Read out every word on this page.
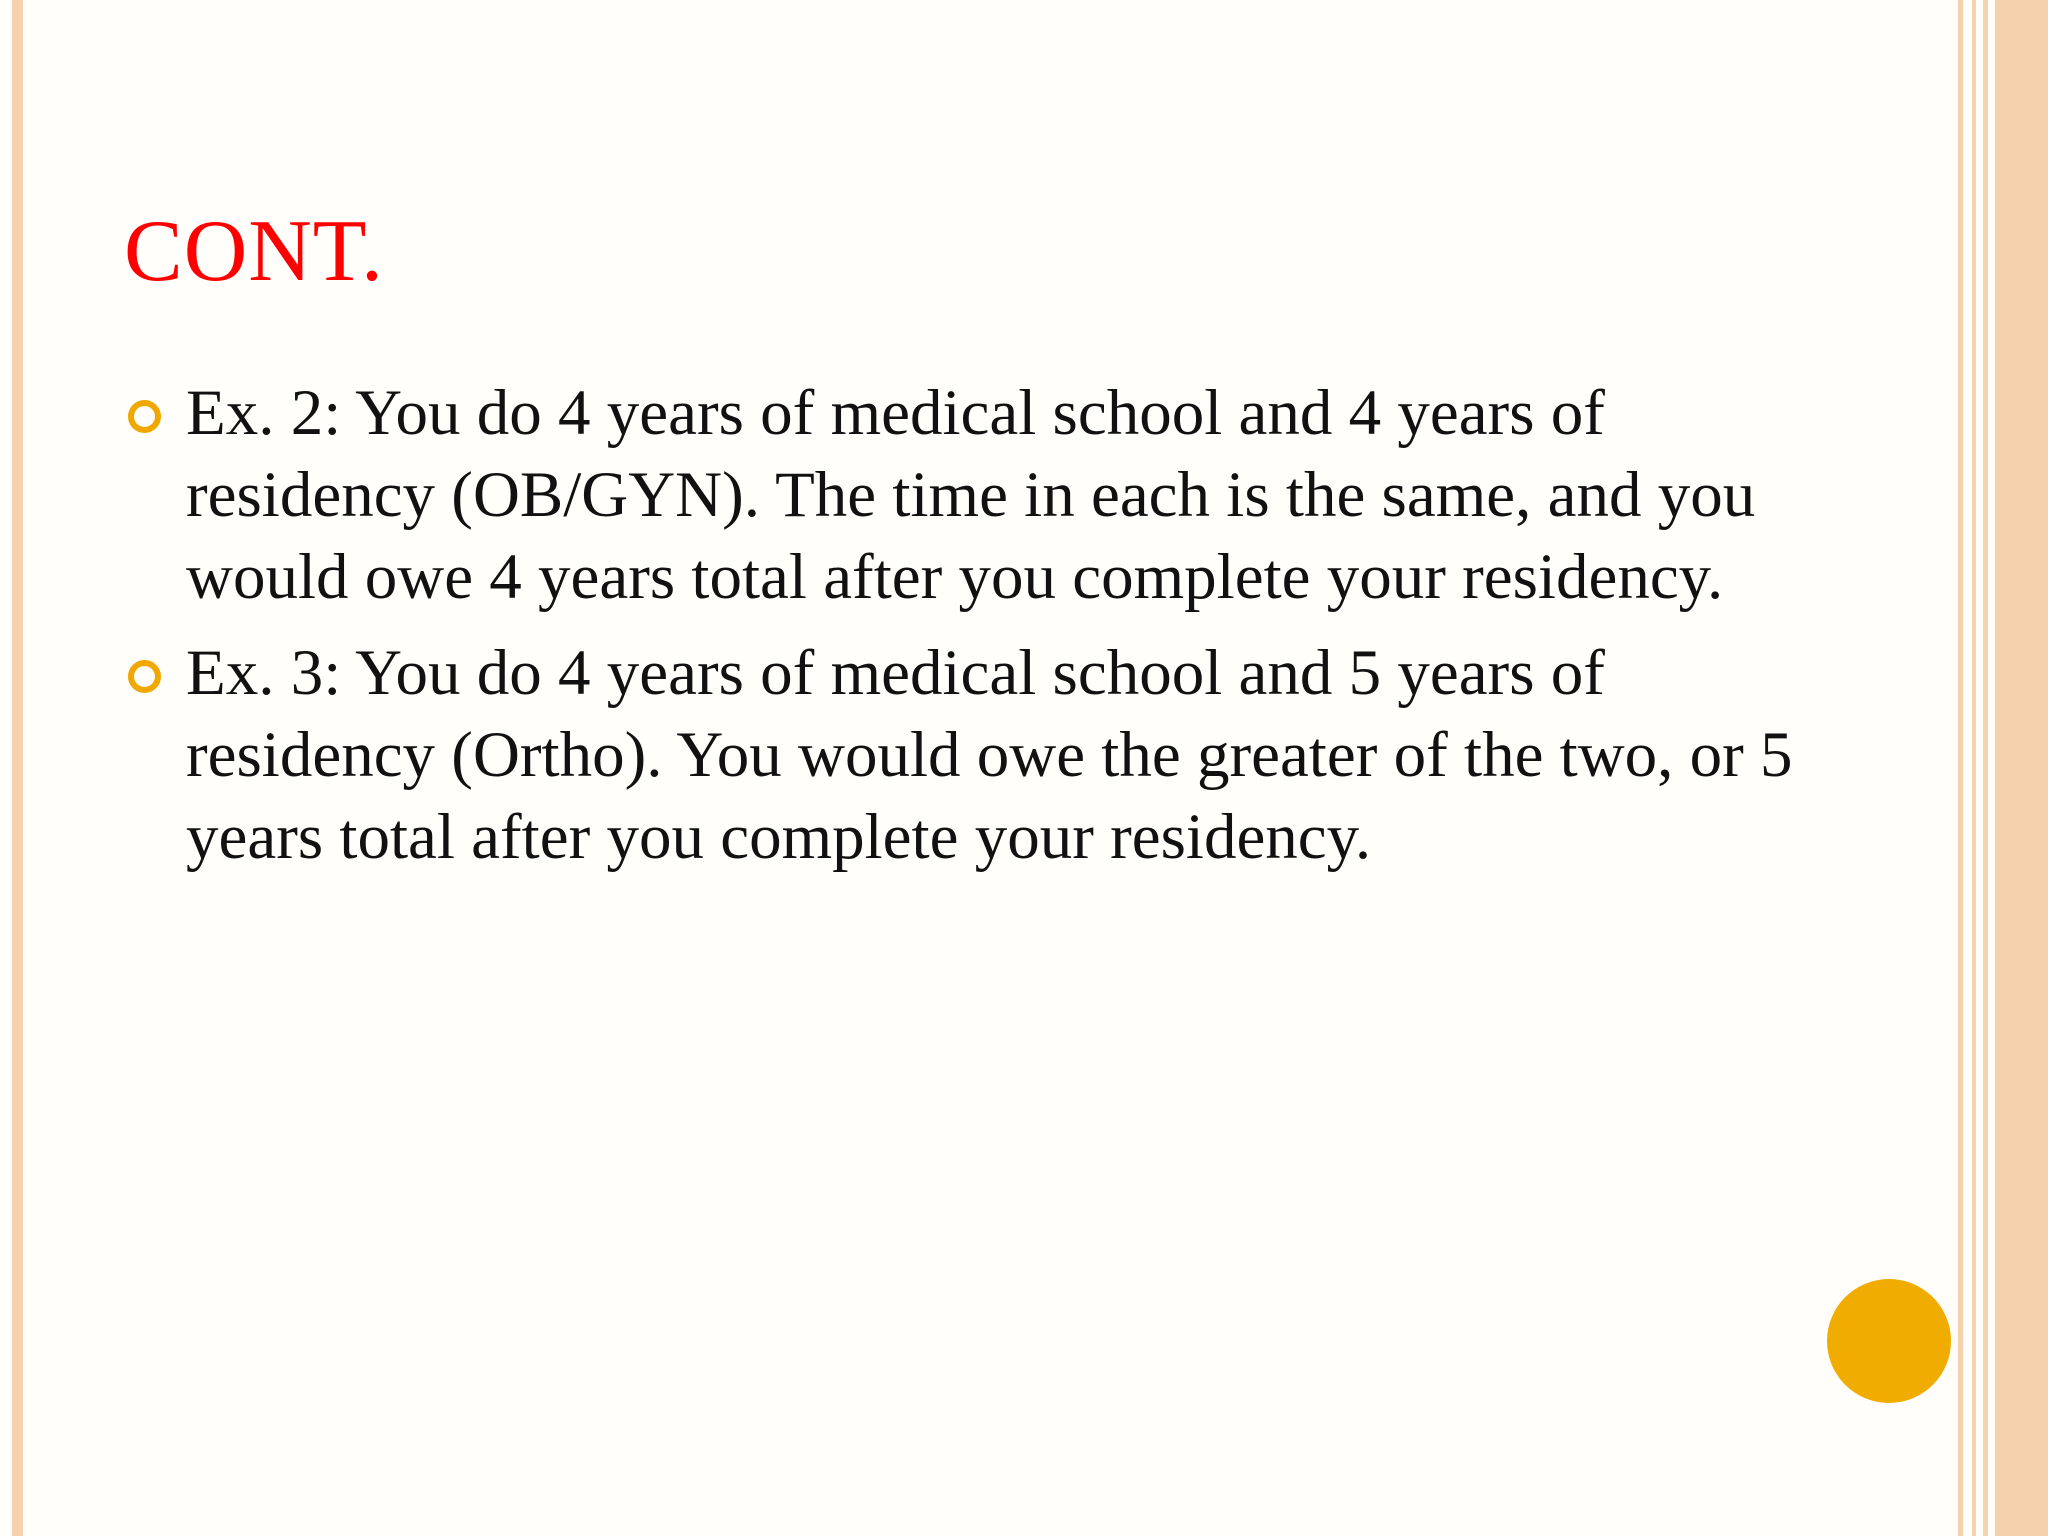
CONT.
Ex. 2: You do 4 years of medical school and 4 years of residency (OB/GYN). The time in each is the same, and you would owe 4 years total after you complete your residency.
Ex. 3: You do 4 years of medical school and 5 years of residency (Ortho). You would owe the greater of the two, or 5 years total after you complete your residency.
